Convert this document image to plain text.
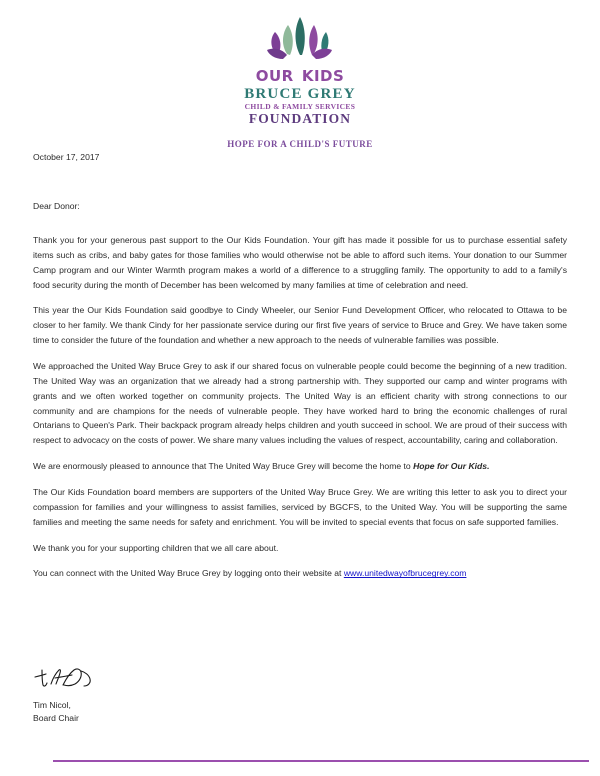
our kids
BRUCE GREY
CHILD & FAMILY SERVICES
FOUNDATION
HOPE FOR A CHILD'S FUTURE
October 17, 2017
Dear Donor:

Thank you for your generous past support to the Our Kids Foundation. Your gift has made it possible for us to purchase essential safety items such as cribs, and baby gates for those families who would otherwise not be able to afford such items. Your donation to our Summer Camp program and our Winter Warmth program makes a world of a difference to a struggling family. The opportunity to add to a family's food security during the month of December has been welcomed by many families at time of celebration and need.

This year the Our Kids Foundation said goodbye to Cindy Wheeler, our Senior Fund Development Officer, who relocated to Ottawa to be closer to her family. We thank Cindy for her passionate service during our first five years of service to Bruce and Grey. We have taken some time to consider the future of the foundation and whether a new approach to the needs of vulnerable families was possible.

We approached the United Way Bruce Grey to ask if our shared focus on vulnerable people could become the beginning of a new tradition. The United Way was an organization that we already had a strong partnership with. They supported our camp and winter programs with grants and we often worked together on community projects. The United Way is an efficient charity with strong connections to our community and are champions for the needs of vulnerable people. They have worked hard to bring the economic challenges of rural Ontarians to Queen's Park. Their backpack program already helps children and youth succeed in school. We are proud of their success with respect to advocacy on the costs of power. We share many values including the values of respect, accountability, caring and collaboration.

We are enormously pleased to announce that The United Way Bruce Grey will become the home to Hope for Our Kids.

The Our Kids Foundation board members are supporters of the United Way Bruce Grey. We are writing this letter to ask you to direct your compassion for families and your willingness to assist families, serviced by BGCFS, to the United Way. You will be supporting the same families and meeting the same needs for safety and enrichment. You will be invited to special events that focus on safe supported families.

We thank you for your supporting children that we all care about.

You can connect with the United Way Bruce Grey by logging onto their website at www.unitedwayofbrucegrey.com

Tim Nicol,
Board Chair
